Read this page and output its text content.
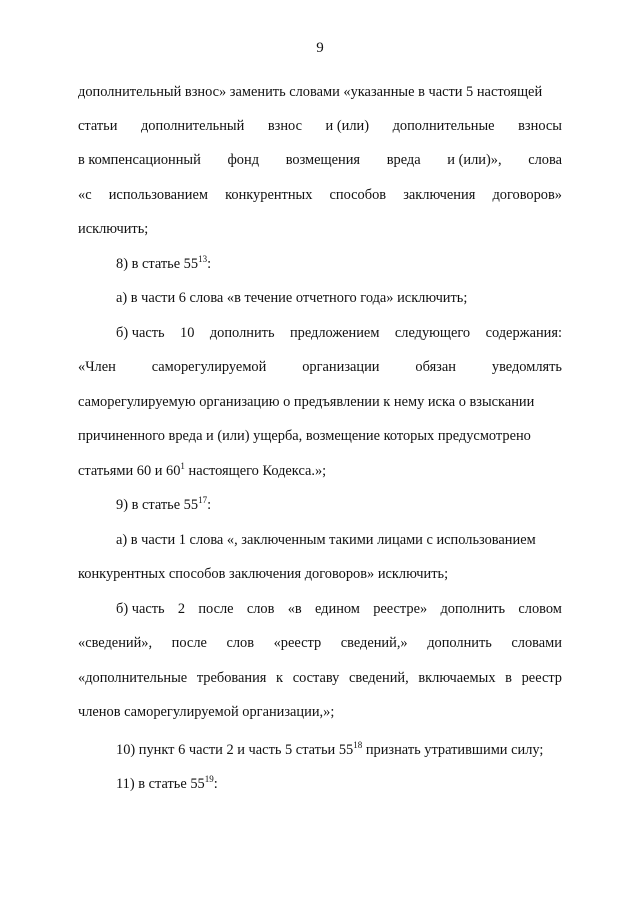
9
дополнительный взнос» заменить словами «указанные в части 5 настоящей
статьи дополнительный взнос и (или) дополнительные взносы
в компенсационный фонд возмещения вреда и (или)», слова
«с использованием конкурентных способов заключения договоров»
исключить;
8) в статье $55^{13}$:
а) в части 6 слова «в течение отчетного года» исключить;
б) часть 10 дополнить предложением следующего содержания:
«Член саморегулируемой организации обязан уведомлять
саморегулируемую организацию о предъявлении к нему иска о взыскании
причиненного вреда и (или) ущерба, возмещение которых предусмотрено
статьями 60 и $60^1$ настоящего Кодекса.»;
9) в статье $55^{17}$:
а) в части 1 слова «, заключенным такими лицами с использованием
конкурентных способов заключения договоров» исключить;
б) часть 2 после слов «в едином реестре» дополнить словом
«сведений», после слов «реестр сведений,» дополнить словами
«дополнительные требования к составу сведений, включаемых в реестр
членов саморегулируемой организации,»;
10) пункт 6 части 2 и часть 5 статьи $55^{18}$ признать утратившими силу;
11) в статье $55^{19}$:
